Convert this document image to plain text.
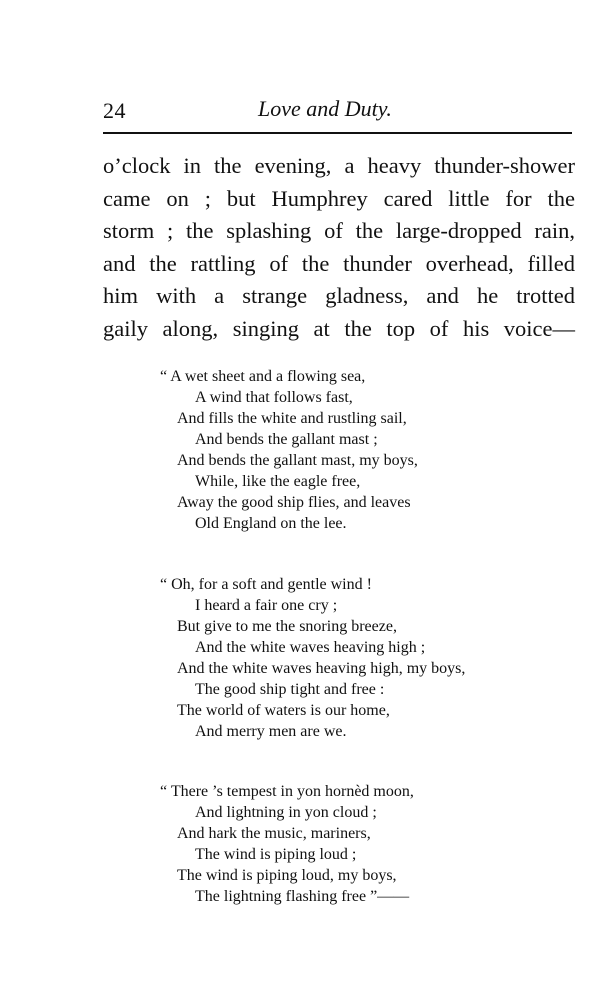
24	Love and Duty.
o’clock in the evening, a heavy thunder-shower
came on ; but Humphrey cared little for the
storm ; the splashing of the large-dropped rain,
and the rattling of the thunder overhead, filled
him with a strange gladness, and he trotted
gaily along, singing at the top of his voice—
“ A wet sheet and a flowing sea,
A wind that follows fast,
And fills the white and rustling sail,
And bends the gallant mast ;
And bends the gallant mast, my boys,
While, like the eagle free,
Away the good ship flies, and leaves
Old England on the lee.
“ Oh, for a soft and gentle wind !
I heard a fair one cry ;
But give to me the snoring breeze,
And the white waves heaving high ;
And the white waves heaving high, my boys,
The good ship tight and free :
The world of waters is our home,
And merry men are we.
“ There ’s tempest in yon hornèd moon,
And lightning in yon cloud ;
And hark the music, mariners,
The wind is piping loud ;
The wind is piping loud, my boys,
The lightning flashing free ”——
